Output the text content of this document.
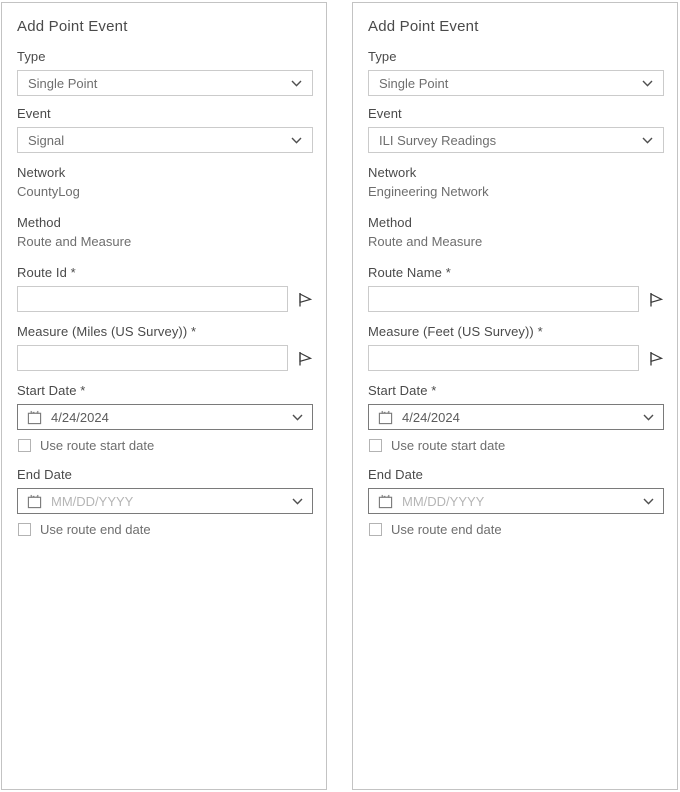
Add Point Event
Type
Single Point
Event
Signal
Network
CountyLog
Method
Route and Measure
Route Id *
Measure (Miles (US Survey)) *
Start Date *
4/24/2024
Use route start date
End Date
MM/DD/YYYY
Use route end date
Add Point Event
Type
Single Point
Event
ILI Survey Readings
Network
Engineering Network
Method
Route and Measure
Route Name *
Measure (Feet (US Survey)) *
Start Date *
4/24/2024
Use route start date
End Date
MM/DD/YYYY
Use route end date
